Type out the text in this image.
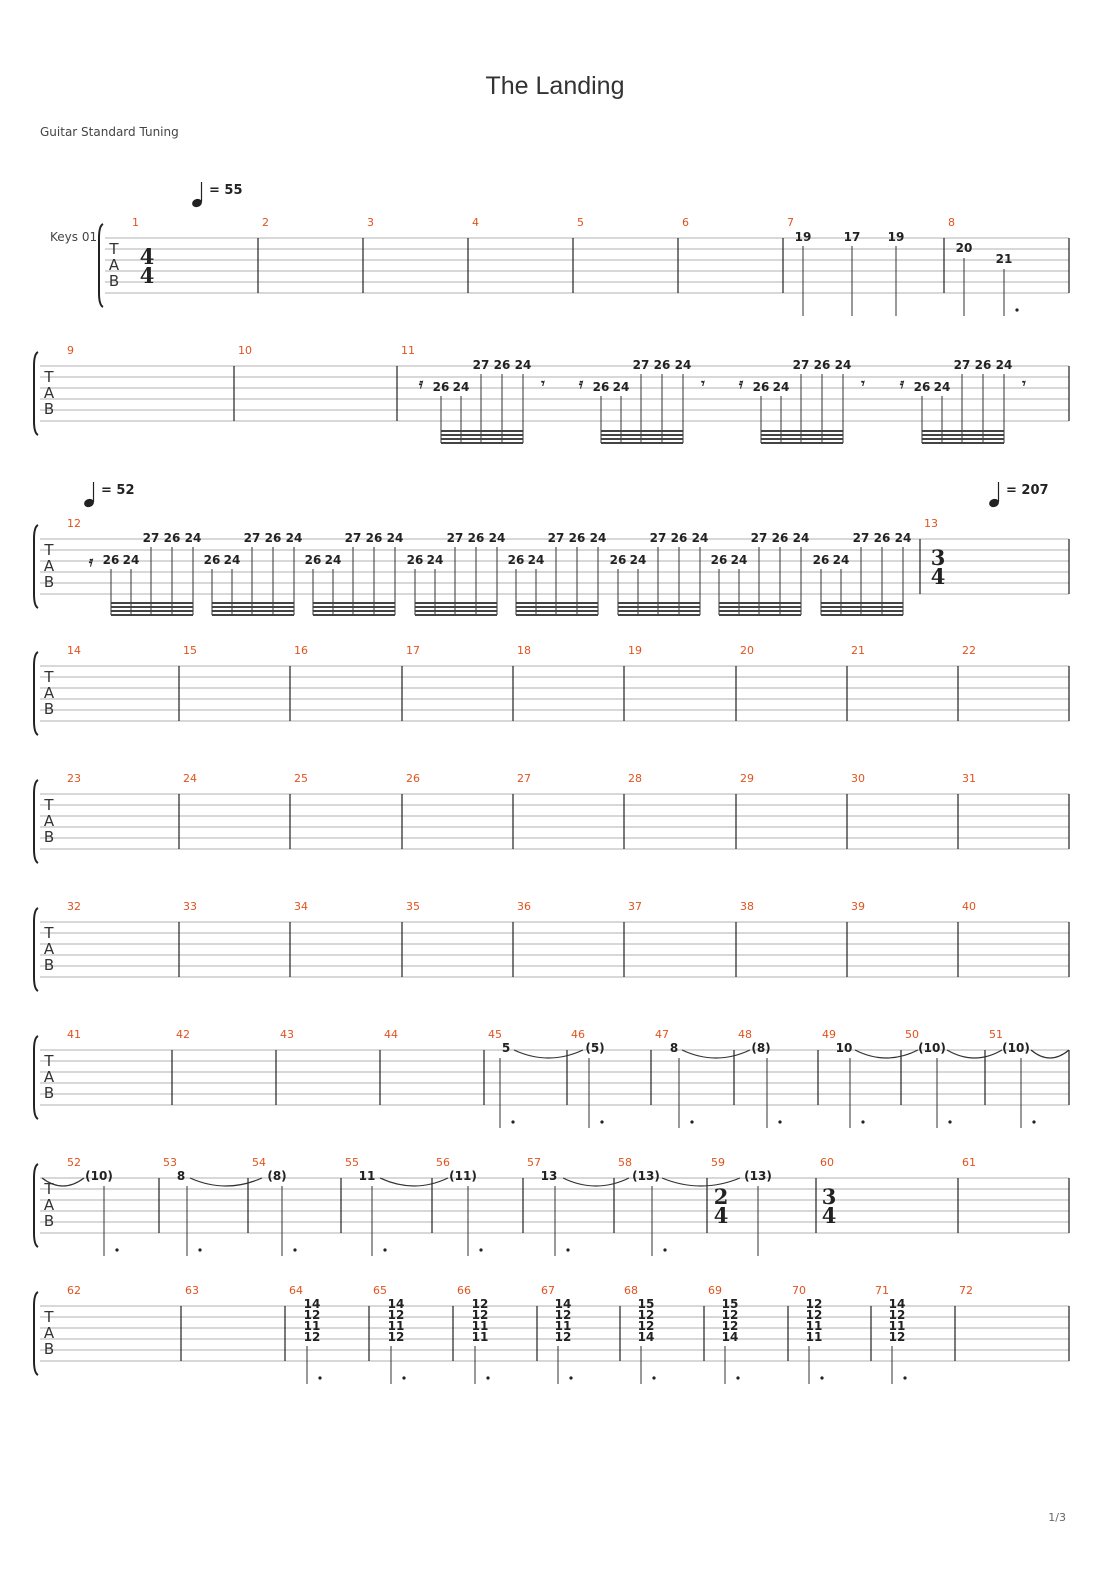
The Landing
Guitar Standard Tuning
1/3
T
A
B
1	2	3	4	5	6	7	8
T
A
B
9	10	11
T
A
B
12	13
T
A
B
14	15	16	17	18	19	20	21	22
T
A
B
23	24	25	26	27	28	29	30	31
T
A
B
32	33	34	35	36	37	38	39	40
T
A
B
41	42	43	44	45	46	47	48	49	50	51
T
A
B
52	53	54	55	56	57	58	59	60	61
T
A
B
62	63	64	65	66	67	68	69	70	71	72
Keys 01
4
4
3
4
2
4
3
4
= 55
= 52	= 207
19	17 19
20
21
26 24
27 26 24
𝄿	𝄾	26 24
27 26 24
𝄿	𝄾	26 24
27 26 24
𝄿	𝄾	26 24
27 26 24
𝄿	𝄾
26 24
27 26 24
26 24
27 26 24
26 24
27 26 24
26 24
27 26 24
26 24
27 26 24
26 24
27 26 24
26 24
27 26 24
26 24
27 26 24
𝄿
5	(5)	8	(8)	10	(10)	(10)
(10)	8	(8)	11	(11)	13	(13)	(13)
14
12
11
12
14
12
11
12
12
12
11
11
14
12
11
12
15
12
12
14
15
12
12
14
12
12
11
11
14
12
11
12
